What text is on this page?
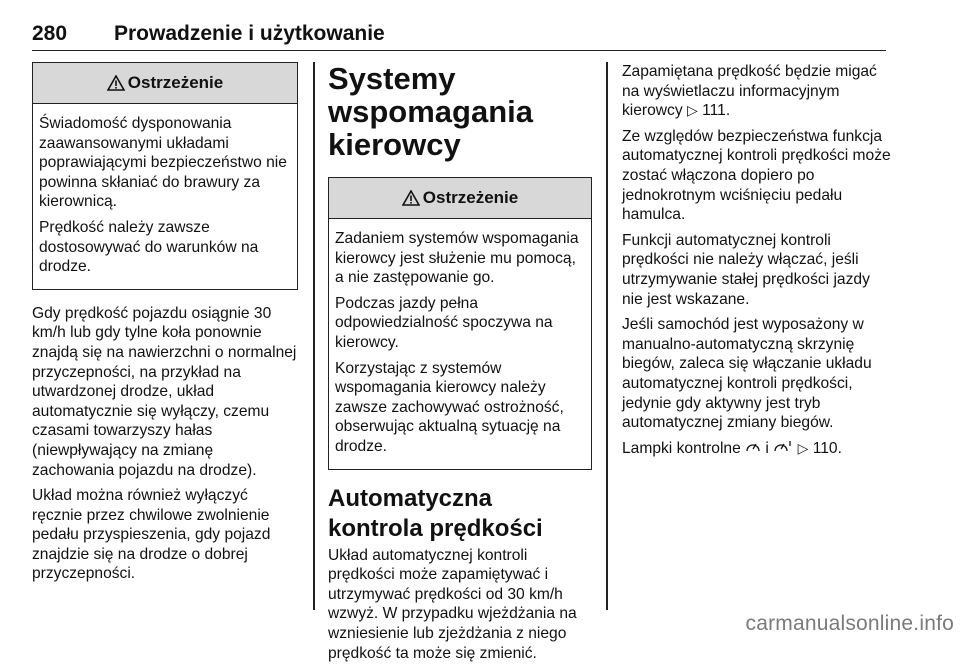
280 Prowadzenie i użytkowanie
Ostrzeżenie

Świadomość dysponowania zaawansowanymi układami poprawiającymi bezpieczeństwo nie powinna skłaniać do brawury za kierownicą.

Prędkość należy zawsze dostosowywać do warunków na drodze.

Gdy prędkość pojazdu osiągnie 30 km/h lub gdy tylne koła ponownie znajdą się na nawierzchni o normalnej przyczepności, na przykład na utwardzonej drodze, układ automatycznie się wyłączy, czemu czasami towarzyszy hałas (niewpływający na zmianę zachowania pojazdu na drodze).

Układ można również wyłączyć ręcznie przez chwilowe zwolnienie pedału przyspieszenia, gdy pojazd znajdzie się na drodze o dobrej przyczepności.

Systemy wspomagania kierowcy
Ostrzeżenie

Zadaniem systemów wspomagania kierowcy jest służenie mu pomocą, a nie zastępowanie go.

Podczas jazdy pełna odpowiedzialność spoczywa na kierowcy.

Korzystając z systemów wspomagania kierowcy należy zawsze zachowywać ostrożność, obserwując aktualną sytuację na drodze.

Automatyczna kontrola prędkości

Układ automatycznej kontroli prędkości może zapamiętywać i utrzymywać prędkości od 30 km/h wzwyż. W przypadku wjeżdżania na wzniesienie lub zjeżdżania z niego prędkość ta może się zmienić.

Zapamiętana prędkość będzie migać na wyświetlaczu informacyjnym kierowcy ▷ 111.

Ze względów bezpieczeństwa funkcja automatycznej kontroli prędkości może zostać włączona dopiero po jednokrotnym wciśnięciu pedału hamulca.

Funkcji automatycznej kontroli prędkości nie należy włączać, jeśli utrzymywanie stałej prędkości jazdy nie jest wskazane.

Jeśli samochód jest wyposażony w manualno-automatyczną skrzynię biegów, zaleca się włączanie układu automatycznej kontroli prędkości, jedynie gdy aktywny jest tryb automatycznej zmiany biegów.

Lampki kontrolne  i  ▷ 110.

carmanualsonline.info
